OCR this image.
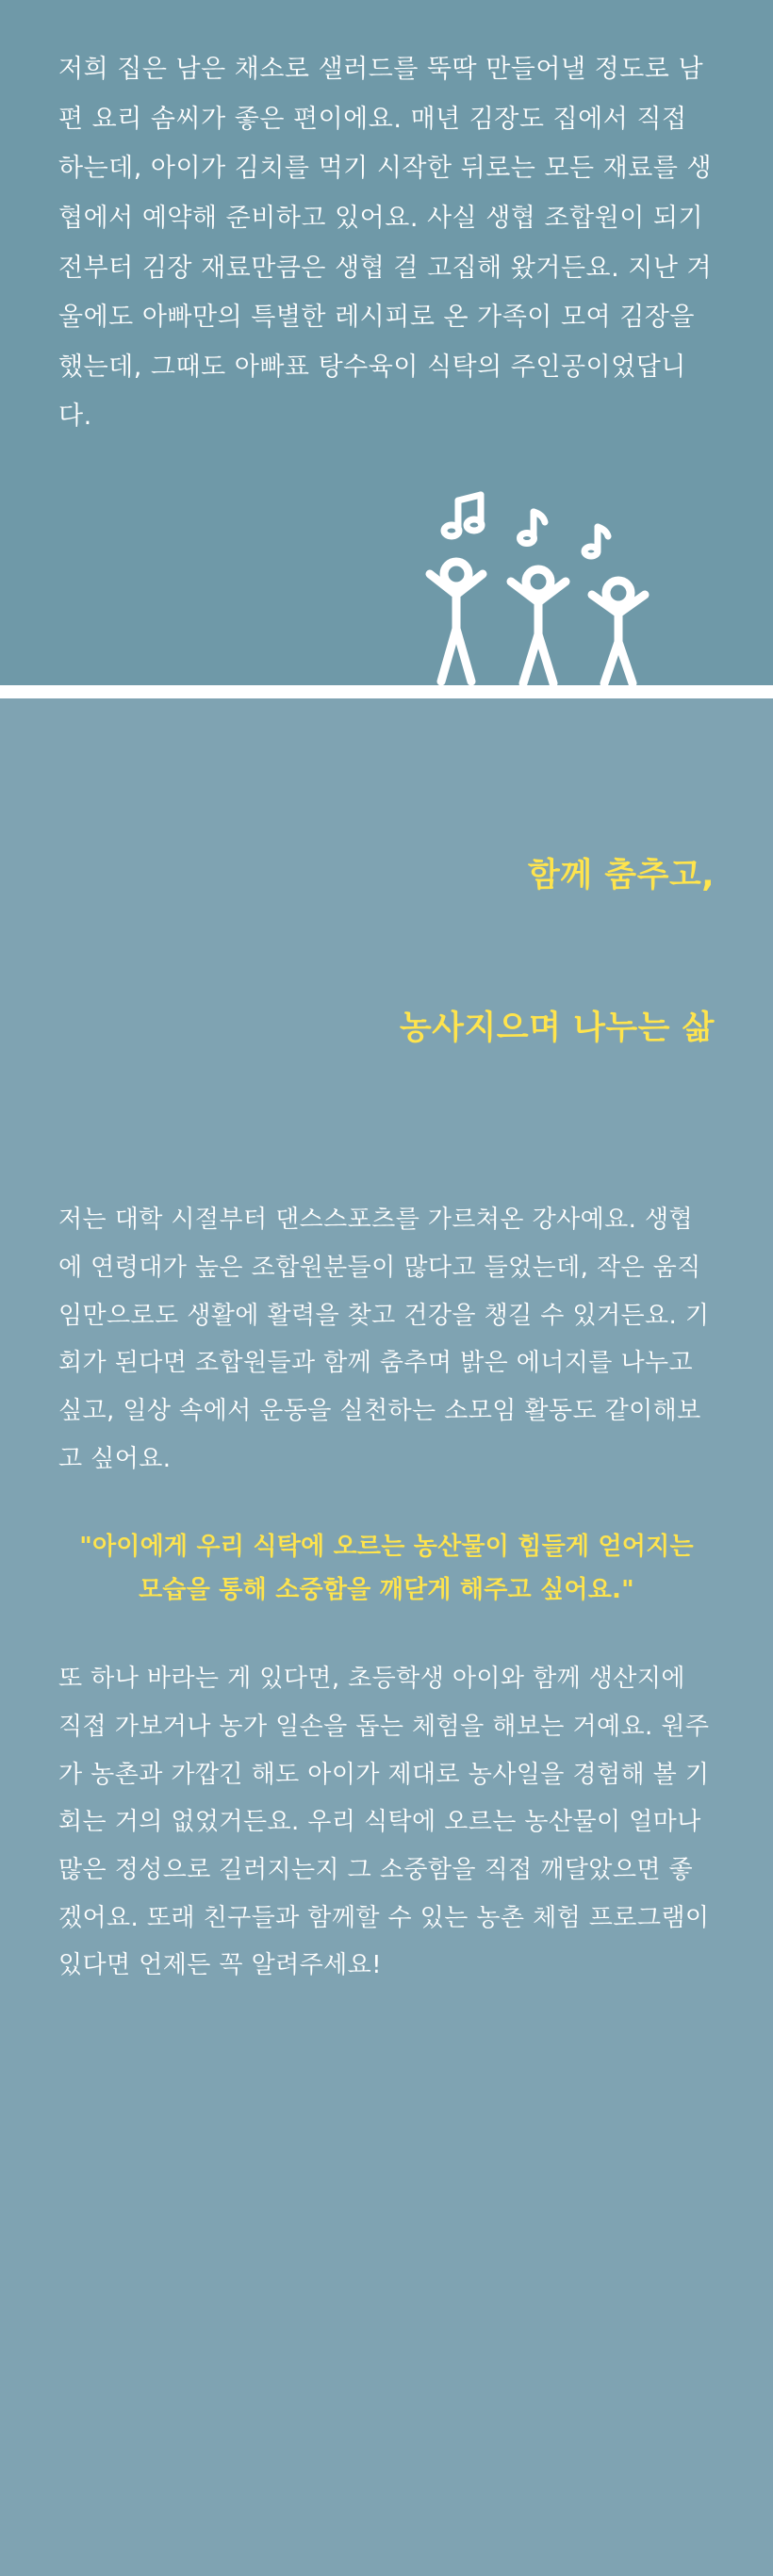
저희 집은 남은 채소로 샐러드를 뚝딱 만들어낼 정도로 남편 요리 솜씨가 좋은 편이에요. 매년 김장도 집에서 직접 하는데, 아이가 김치를 먹기 시작한 뒤로는 모든 재료를 생협에서 예약해 준비하고 있어요. 사실 생협 조합원이 되기 전부터 김장 재료만큼은 생협 걸 고집해 왔거든요. 지난 겨울에도 아빠만의 특별한 레시피로 온 가족이 모여 김장을 했는데, 그때도 아빠표 탕수육이 식탁의 주인공이었답니다.

함께 춤추고,

농사지으며 나누는 삶

저는 대학 시절부터 댄스스포츠를 가르쳐온 강사예요. 생협에 연령대가 높은 조합원분들이 많다고 들었는데, 작은 움직임만으로도 생활에 활력을 찾고 건강을 챙길 수 있거든요. 기회가 된다면 조합원들과 함께 춤추며 밝은 에너지를 나누고 싶고, 일상 속에서 운동을 실천하는 소모임 활동도 같이해보고 싶어요.
"아이에게 우리 식탁에 오르는 농산물이 힘들게 얻어지는 모습을 통해 소중함을 깨닫게 해주고 싶어요."
또 하나 바라는 게 있다면, 초등학생 아이와 함께 생산지에 직접 가보거나 농가 일손을 돕는 체험을 해보는 거예요. 원주가 농촌과 가깝긴 해도 아이가 제대로 농사일을 경험해 볼 기회는 거의 없었거든요. 우리 식탁에 오르는 농산물이 얼마나 많은 정성으로 길러지는지 그 소중함을 직접 깨달았으면 좋겠어요. 또래 친구들과 함께할 수 있는 농촌 체험 프로그램이 있다면 언제든 꼭 알려주세요!
